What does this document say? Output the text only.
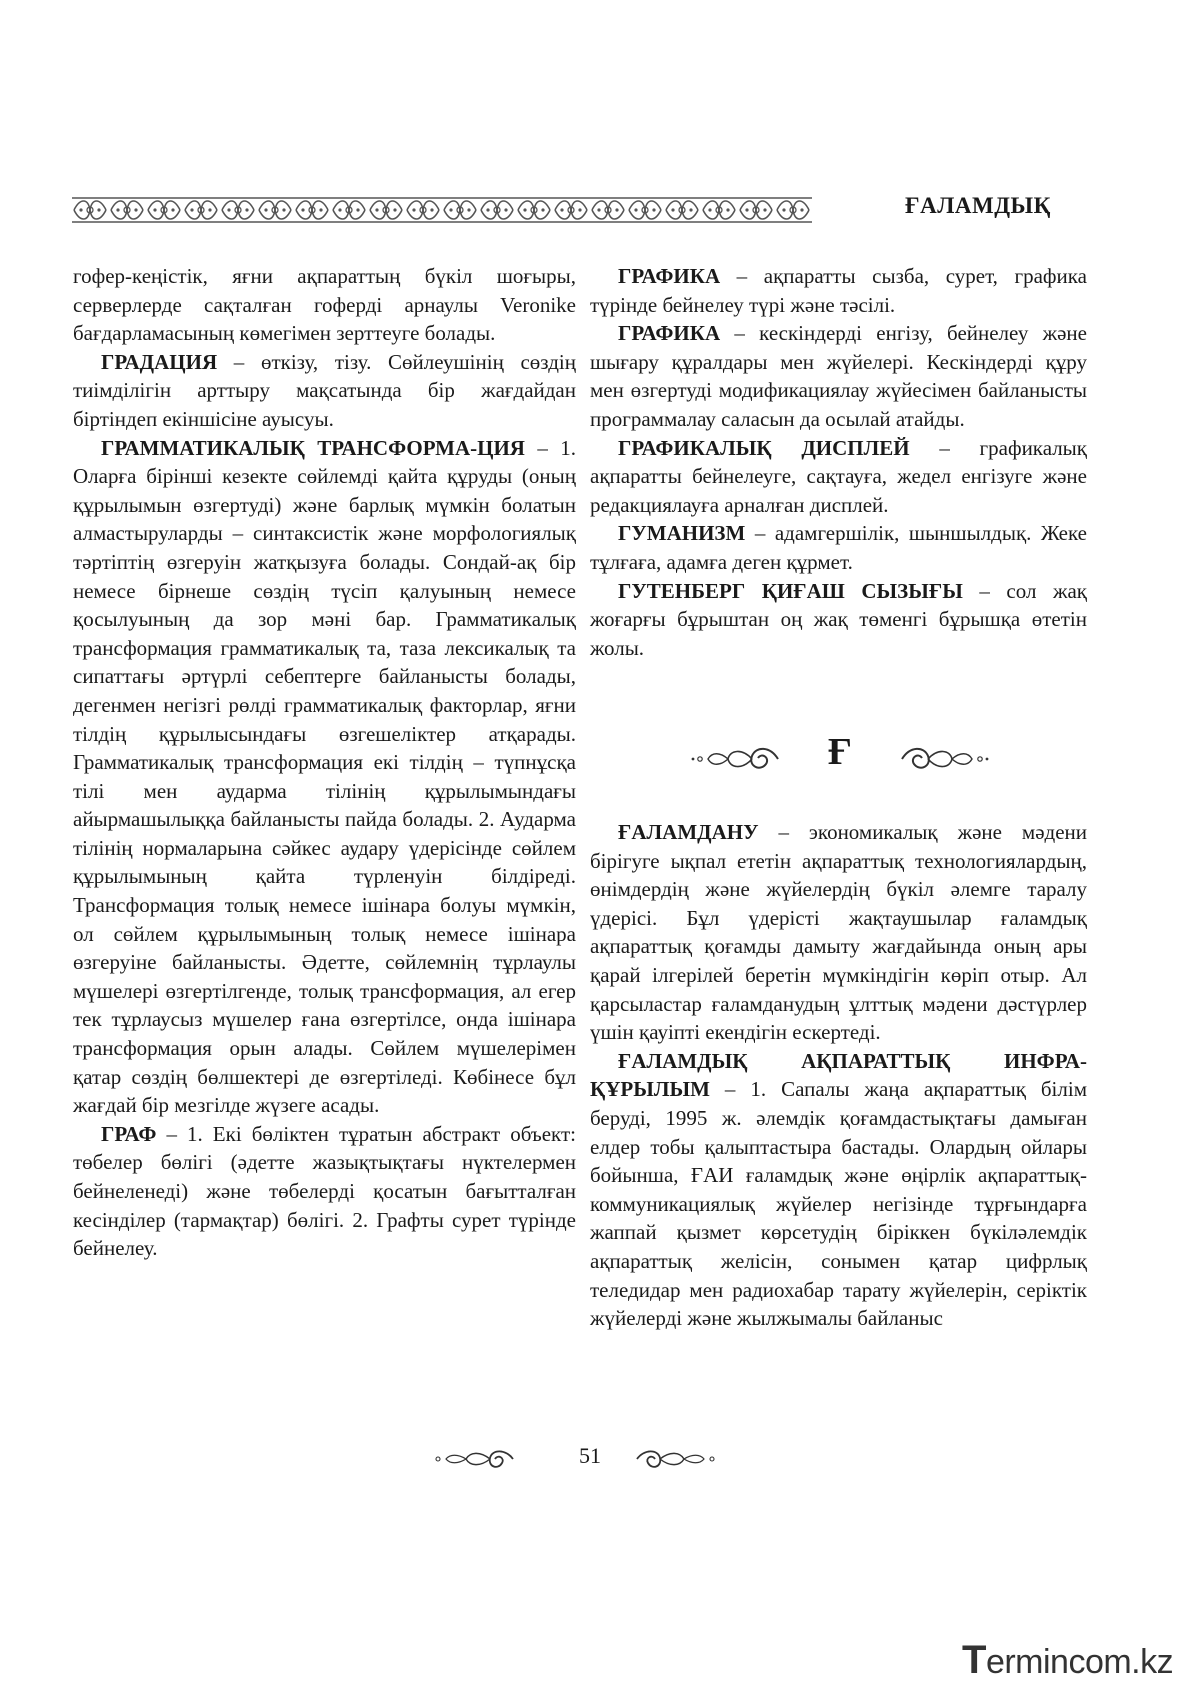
ҒАЛАМДЫҚ

гофер-кеңістік, яғни ақпараттың бүкіл шоғыры, серверлерде сақталған гоферді арнаулы Veronike бағдарламасының көмегімен зерттеуге болады.

ГРАДАЦИЯ – өткізу, тізу. Сөйлеушінің сөздің тиімділігін арттыру мақсатында бір жағдайдан біртіндеп екіншісіне ауысуы.

ГРАММАТИКАЛЫҚ ТРАНСФОРМА-ЦИЯ – 1. Оларға бірінші кезекте сөйлемді қайта құруды (оның құрылымын өзгертуді) және барлық мүмкін болатын алмастыруларды – синтаксистік және морфологиялық тәртіптің өзгеруін жатқызуға болады. Сондай-ақ бір немесе бірнеше сөздің түсіп қалуының немесе қосылуының да зор мәні бар. Грамматикалық трансформация грамматикалық та, таза лексикалық та сипаттағы әртүрлі себептерге байланысты болады, дегенмен негізгі рөлді грамматикалық факторлар, яғни тілдің құрылысындағы өзгешеліктер атқарады. Грамматикалық трансформация екі тілдің – түпнұсқа тілі мен аударма тілінің құрылымындағы айырмашылыққа байланысты пайда болады. 2. Аударма тілінің нормаларына сәйкес аудару үдерісінде сөйлем құрылымының қайта түрленуін білдіреді. Трансформация толық немесе ішінара болуы мүмкін, ол сөйлем құрылымының толық немесе ішінара өзгеруіне байланысты. Әдетте, сөйлемнің тұрлаулы мүшелері өзгертілгенде, толық трансформация, ал егер тек тұрлаусыз мүшелер ғана өзгертілсе, онда ішінара трансформация орын алады. Сөйлем мүшелерімен қатар сөздің бөлшектері де өзгертіледі. Көбінесе бұл жағдай бір мезгілде жүзеге асады.

ГРАФ – 1. Екі бөліктен тұратын абстракт объект: төбелер бөлігі (әдетте жазықтықтағы нүктелермен бейнеленеді) және төбелерді қосатын бағытталған кесінділер (тармақтар) бөлігі. 2. Графты сурет түрінде бейнелеу.

ГРАФИКА – ақпаратты сызба, сурет, графика түрінде бейнелеу түрі және тәсілі.

ГРАФИКА – кескіндерді енгізу, бейнелеу және шығару құралдары мен жүйелері. Кескіндерді құру мен өзгертуді модификациялау жүйесімен байланысты программалау саласын да осылай атайды.

ГРАФИКАЛЫҚ ДИСПЛЕЙ – графикалық ақпаратты бейнелеуге, сақтауға, жедел енгізуге және редакциялауға арналған дисплей.

ГУМАНИЗМ – адамгершілік, шыншылдық. Жеке тұлғаға, адамға деген құрмет.

ГУТЕНБЕРГ ҚИҒАШ СЫЗЫҒЫ – сол жақ жоғарғы бұрыштан оң жақ төменгі бұрышқа өтетін жолы.

Ғ

ҒАЛАМДАНУ – экономикалық және мәдени бірігуге ықпал ететін ақпараттық технологиялардың, өнімдердің және жүйелердің бүкіл әлемге таралу үдерісі. Бұл үдерісті жақтаушылар ғаламдық ақпараттық қоғамды дамыту жағдайында оның ары қарай ілгерілей беретін мүмкіндігін көріп отыр. Ал қарсыластар ғаламданудың ұлттық мәдени дәстүрлер үшін қауіпті екендігін ескертеді.

ҒАЛАМДЫҚ АҚПАРАТТЫҚ ИНФРА-ҚҰРЫЛЫМ – 1. Сапалы жаңа ақпараттық білім беруді, 1995 ж. әлемдік қоғамдастықтағы дамыған елдер тобы қалыптастыра бастады. Олардың ойлары бойынша, ҒАИ ғаламдық және өңірлік ақпараттық-коммуникациялық жүйелер негізінде тұрғындарға жаппай қызмет көрсетудің біріккен бүкіләлемдік ақпараттық желісін, сонымен қатар цифрлық теледидар мен радиохабар тарату жүйелерін, серіктік жүйелерді және жылжымалы байланыс

51
Termincom.kz
